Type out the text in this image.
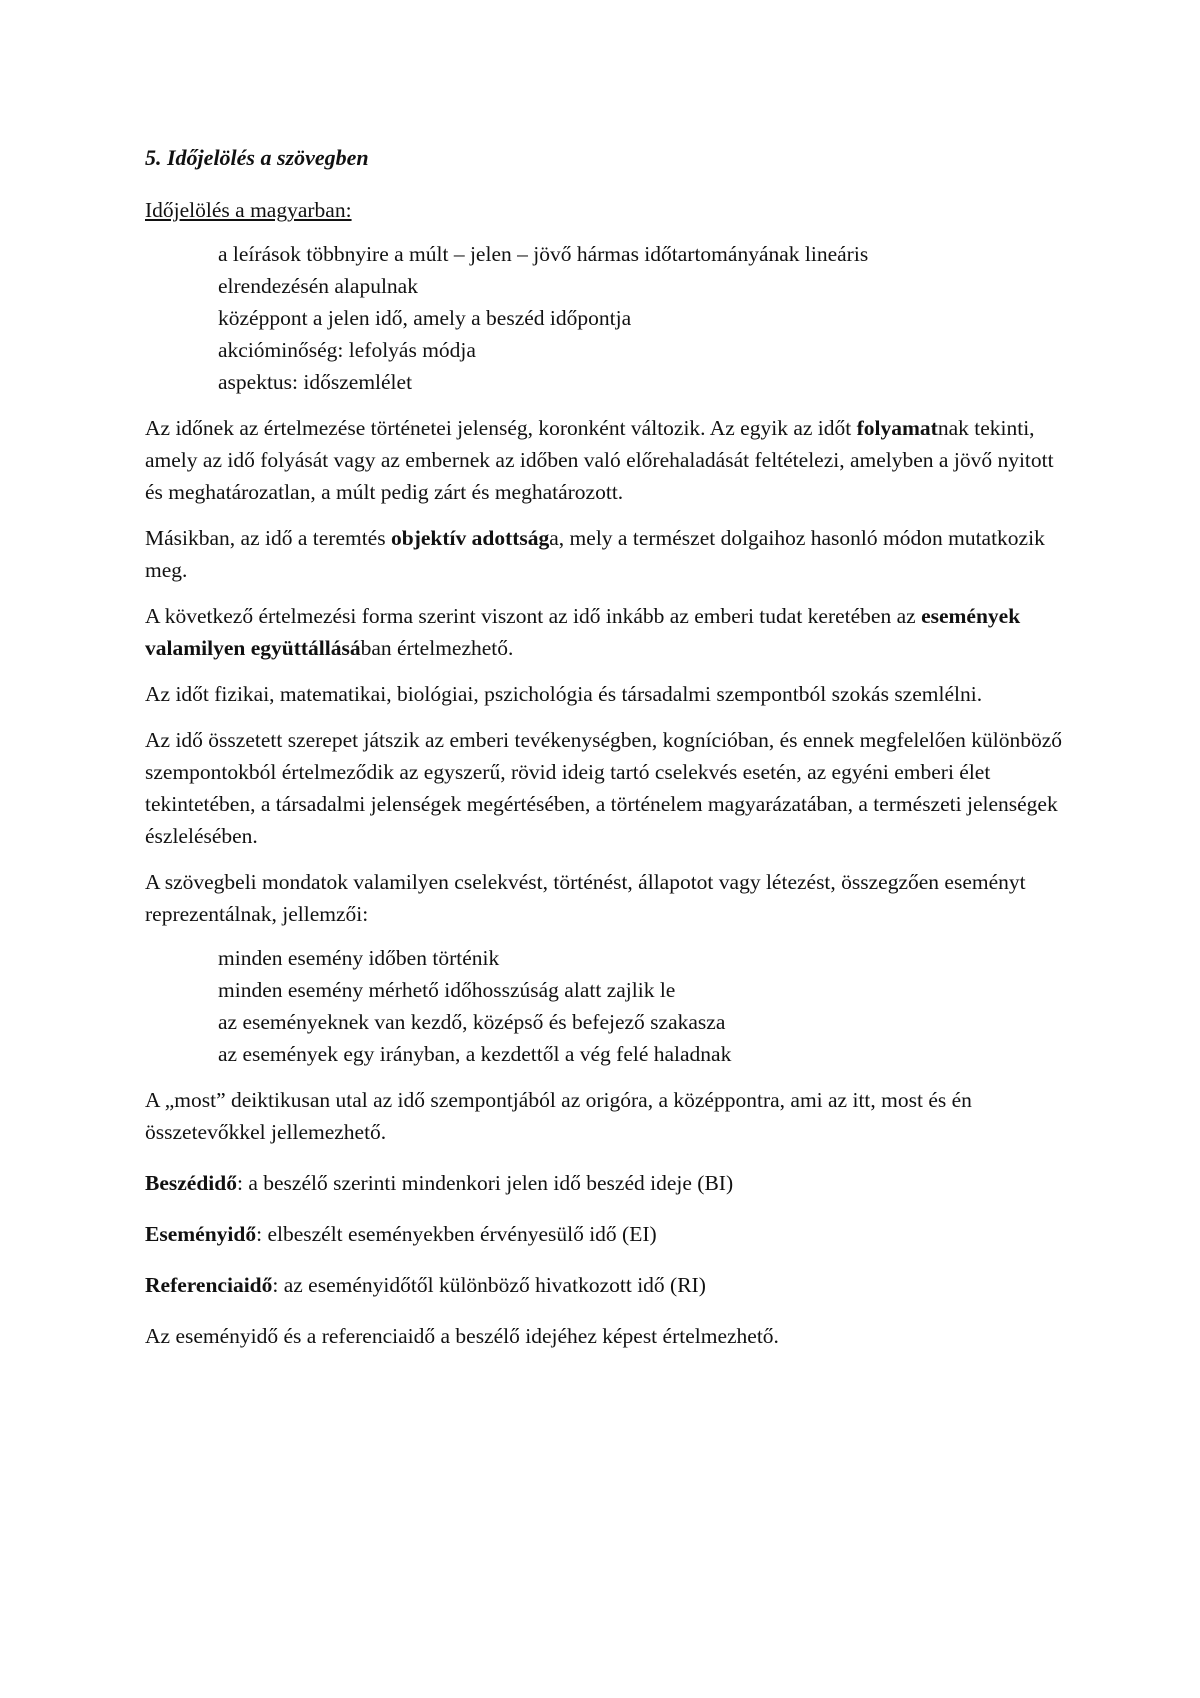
5. Időjelölés a szövegben
Időjelölés a magyarban:
a leírások többnyire a múlt – jelen – jövő hármas időtartományának lineáris
elrendezésén alapulnak
középpont a jelen idő, amely a beszéd időpontja
akcióminőség: lefolyás módja
aspektus: időszemlélet

Az időnek az értelmezése történetei jelenség, koronként változik. Az egyik az időt folyamatnak tekinti, amely az idő folyását vagy az embernek az időben való előrehaladását feltételezi, amelyben a jövő nyitott és meghatározatlan, a múlt pedig zárt és meghatározott.

Másikban, az idő a teremtés objektív adottsága, mely a természet dolgaihoz hasonló módon mutatkozik meg.

A következő értelmezési forma szerint viszont az idő inkább az emberi tudat keretében az események valamilyen együttállásában értelmezhető.

Az időt fizikai, matematikai, biológiai, pszichológia és társadalmi szempontból szokás szemlélni.

Az idő összetett szerepet játszik az emberi tevékenységben, kognícióban, és ennek megfelelően különböző szempontokból értelmeződik az egyszerű, rövid ideig tartó cselekvés esetén, az egyéni emberi élet tekintetében, a társadalmi jelenségek megértésében, a történelem magyarázatában, a természeti jelenségek észlelésében.

A szövegbeli mondatok valamilyen cselekvést, történést, állapotot vagy létezést, összegzően eseményt reprezentálnak, jellemzői:

minden esemény időben történik
minden esemény mérhető időhosszúság alatt zajlik le
az eseményeknek van kezdő, középső és befejező szakasza
az események egy irányban, a kezdettől a vég felé haladnak

A „most” deiktikusan utal az idő szempontjából az origóra, a középpontra, ami az itt, most és én összetevőkkel jellemezhető.

Beszédidő: a beszélő szerinti mindenkori jelen idő beszéd ideje (BI)

Eseményidő: elbeszélt eseményekben érvényesülő idő (EI)

Referenciaidő: az eseményidőtől különböző hivatkozott idő (RI)

Az eseményidő és a referenciaidő a beszélő idejéhez képest értelmezhető.
